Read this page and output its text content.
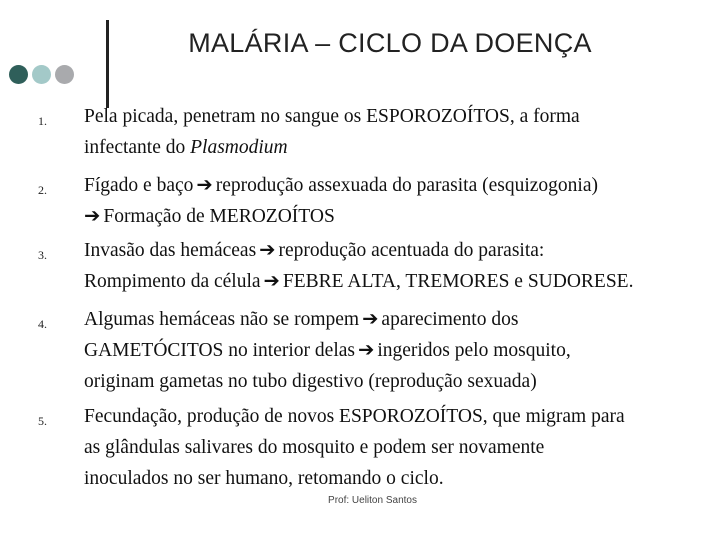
MALÁRIA – CICLO DA DOENÇA
1. Pela picada, penetram no sangue os ESPOROZOÍTOS, a forma
infectante do Plasmodium
2. Fígado e baço ➔ reprodução assexuada do parasita (esquizogonia)
➔ Formação de MEROZOÍTOS
3. Invasão das hemáceas ➔ reprodução acentuada do parasita:
Rompimento da célula ➔ FEBRE ALTA, TREMORES e SUDORESE.
4. Algumas hemáceas não se rompem ➔ aparecimento dos
GAMETÓCITOS no interior delas ➔ ingeridos pelo mosquito,
originam gametas no tubo digestivo (reprodução sexuada)
5. Fecundação, produção de novos ESPOROZOÍTOS, que migram para
as glândulas salivares do mosquito e podem ser novamente
inoculados no ser humano, retomando o ciclo.
Prof: Ueliton Santos
